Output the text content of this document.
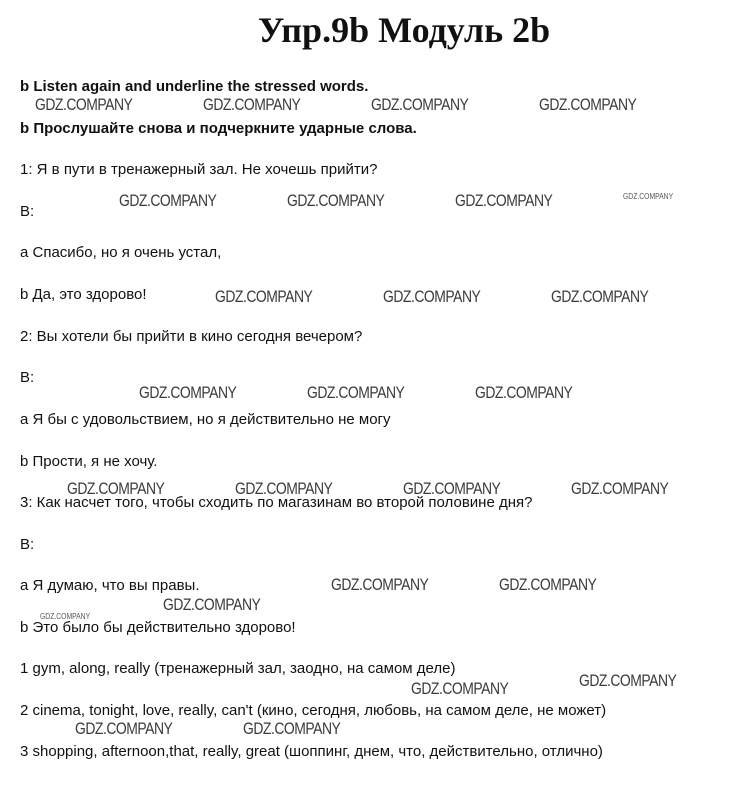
Упр.9b Модуль 2b
b Listen again and underline the stressed words.
b Прослушайте снова и подчеркните ударные слова.
1: Я в пути в тренажерный зал. Не хочешь прийти?
B:
a Спасибо, но я очень устал,
b Да, это здорово!
2: Вы хотели бы прийти в кино сегодня вечером?
B:
a Я бы с удовольствием, но я действительно не могу
b Прости, я не хочу.
3: Как насчет того, чтобы сходить по магазинам во второй половине дня?
B:
a Я думаю, что вы правы.
b Это было бы действительно здорово!
1 gym, along, really (тренажерный зал, заодно, на самом деле)
2 cinema, tonight, love, really, can't (кино, сегодня, любовь, на самом деле, не может)
3 shopping, afternoon,that, really, great (шоппинг, днем, что, действительно, отлично)
GDZ.COMPANY	GDZ.COMPANY	GDZ.COMPANY	GDZ.COMPANY
GDZ.COMPANY	GDZ.COMPANY	GDZ.COMPANY	GDZ.COMPANY
GDZ.COMPANY	GDZ.COMPANY	GDZ.COMPANY
GDZ.COMPANY	GDZ.COMPANY	GDZ.COMPANY
GDZ.COMPANY	GDZ.COMPANY	GDZ.COMPANY	GDZ.COMPANY
GDZ.COMPANY	GDZ.COMPANY
GDZ.COMPANY
GDZ.COMPANY
GDZ.COMPANY
GDZ.COMPANY
GDZ.COMPANY	GDZ.COMPANY
